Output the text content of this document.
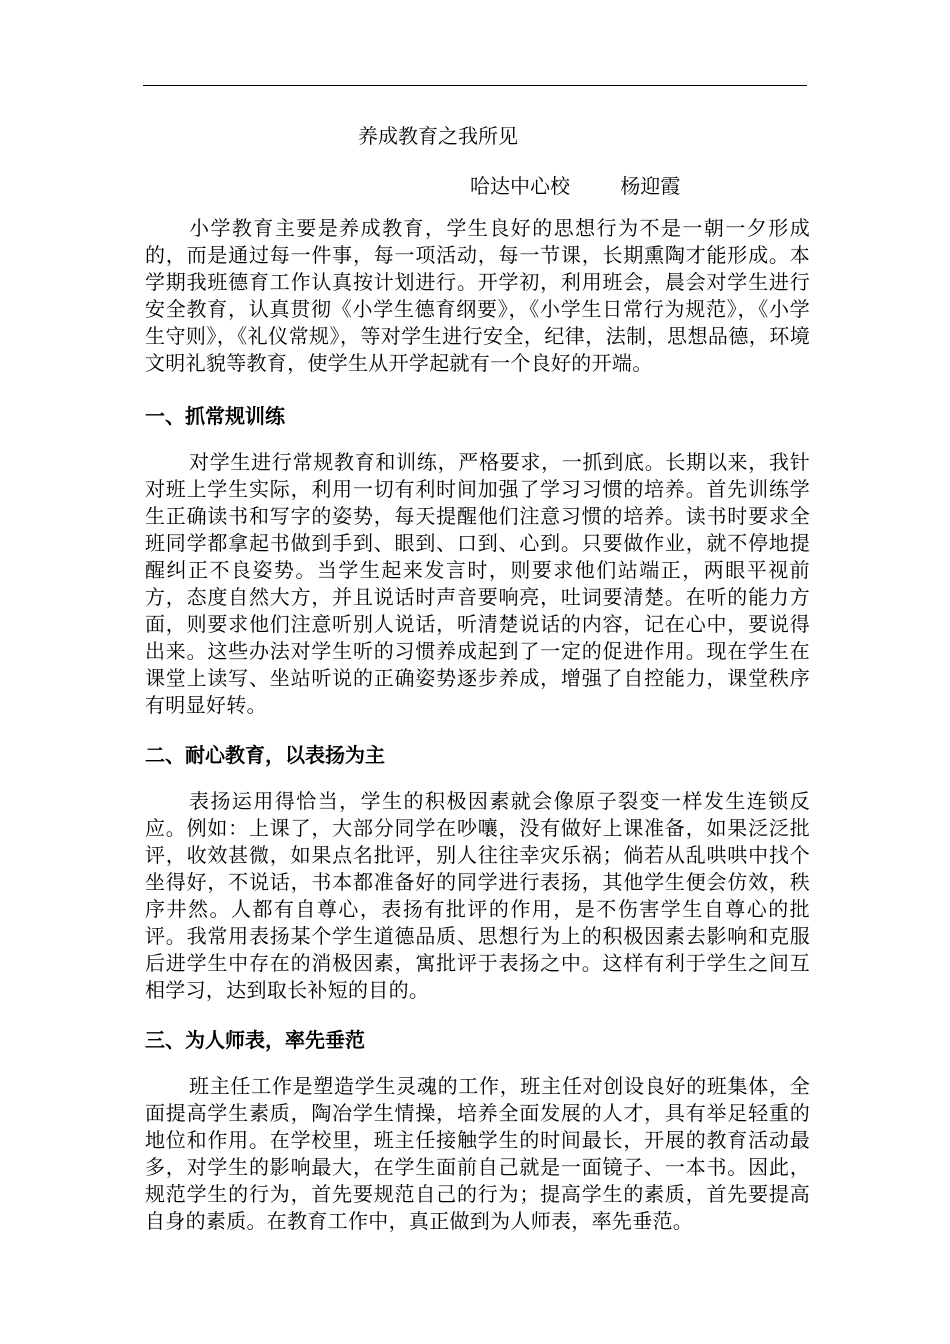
养成教育之我所见
哈达中心校	杨迎霞

小学教育主要是养成教育，学生良好的思想行为不是一朝一夕形成的，而是通过每一件事，每一项活动，每一节课，长期熏陶才能形成。本学期我班德育工作认真按计划进行。开学初，利用班会，晨会对学生进行安全教育，认真贯彻《小学生德育纲要》，《小学生日常行为规范》，《小学生守则》，《礼仪常规》，等对学生进行安全，纪律，法制，思想品德，环境文明礼貌等教育，使学生从开学起就有一个良好的开端。

一、抓常规训练

对学生进行常规教育和训练，严格要求，一抓到底。长期以来，我针对班上学生实际，利用一切有利时间加强了学习习惯的培养。首先训练学生正确读书和写字的姿势，每天提醒他们注意习惯的培养。读书时要求全班同学都拿起书做到手到、眼到、口到、心到。只要做作业，就不停地提醒纠正不良姿势。当学生起来发言时，则要求他们站端正，两眼平视前方，态度自然大方，并且说话时声音要响亮，吐词要清楚。在听的能力方面，则要求他们注意听别人说话，听清楚说话的内容，记在心中，要说得出来。这些办法对学生听的习惯养成起到了一定的促进作用。现在学生在课堂上读写、坐站听说的正确姿势逐步养成，增强了自控能力，课堂秩序有明显好转。

二、耐心教育，以表扬为主

表扬运用得恰当，学生的积极因素就会像原子裂变一样发生连锁反应。例如：上课了，大部分同学在吵嚷，没有做好上课准备，如果泛泛批评，收效甚微，如果点名批评，别人往往幸灾乐祸；倘若从乱哄哄中找个坐得好，不说话，书本都准备好的同学进行表扬，其他学生便会仿效，秩序井然。人都有自尊心，表扬有批评的作用，是不伤害学生自尊心的批评。我常用表扬某个学生道德品质、思想行为上的积极因素去影响和克服后进学生中存在的消极因素，寓批评于表扬之中。这样有利于学生之间互相学习，达到取长补短的目的。

三、为人师表，率先垂范

班主任工作是塑造学生灵魂的工作，班主任对创设良好的班集体，全面提高学生素质，陶冶学生情操，培养全面发展的人才，具有举足轻重的地位和作用。在学校里，班主任接触学生的时间最长，开展的教育活动最多，对学生的影响最大，在学生面前自己就是一面镜子、一本书。因此，规范学生的行为，首先要规范自己的行为；提高学生的素质，首先要提高自身的素质。在教育工作中，真正做到为人师表，率先垂范。
